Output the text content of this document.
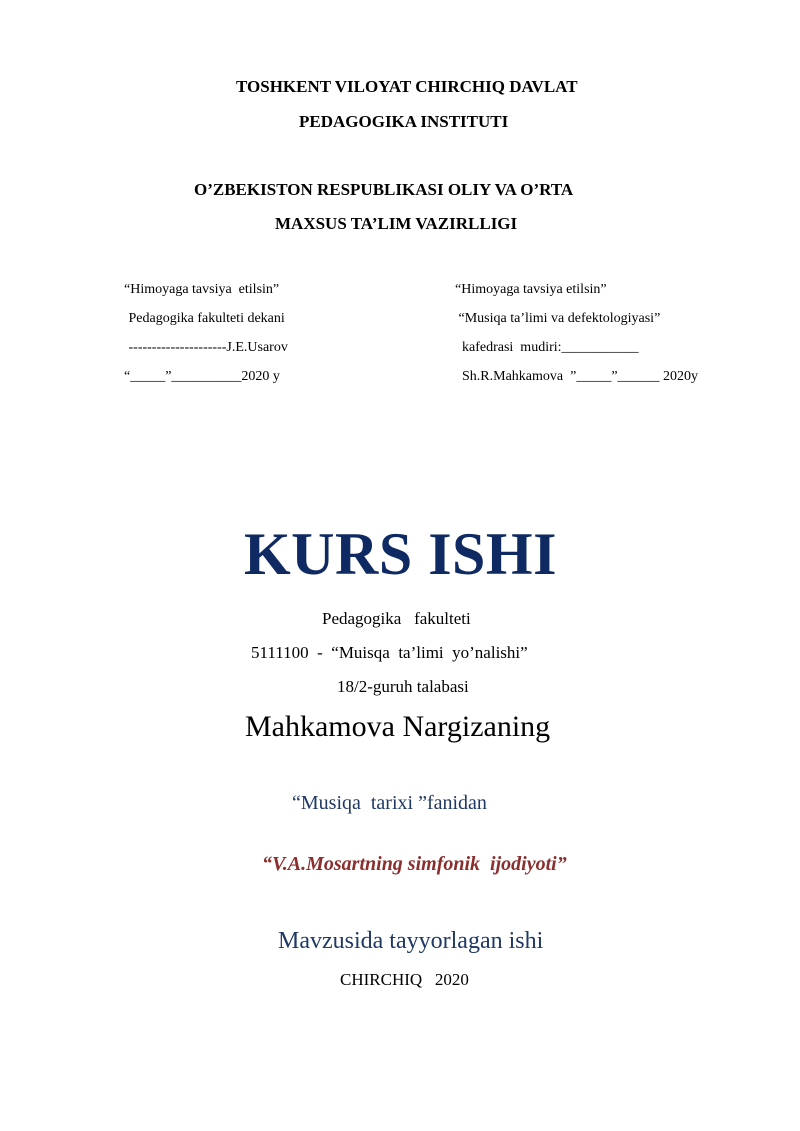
TOSHKENT VILOYAT CHIRCHIQ DAVLAT
PEDAGOGIKA INSTITUTI
O’ZBEKISTON RESPUBLIKASI OLIY VA O’RTA
MAXSUS TA’LIM VAZIRLLIGI
“Himoyaga tavsiya  etilsin”
Pedagogika fakulteti dekani
---------------------J.E.Usarov
“_____”__________2020 y
“Himoyaga tavsiya etilsin”
“Musiqa ta’limi va defektologiyasi”
kafedrasi  mudiri:___________
Sh.R.Mahkamova  ”_____”______ 2020y
KURS ISHI
Pedagogika   fakulteti
5111100  -  “Muisqa  ta’limi  yo’nalishi”
18/2-guruh talabasi
Mahkamova Nargizaning
“Musiqa  tarixi ”fanidan
“V.A.Mosartning simfonik  ijodiyoti”
Mavzusida tayyorlagan ishi
CHIRCHIQ   2020
